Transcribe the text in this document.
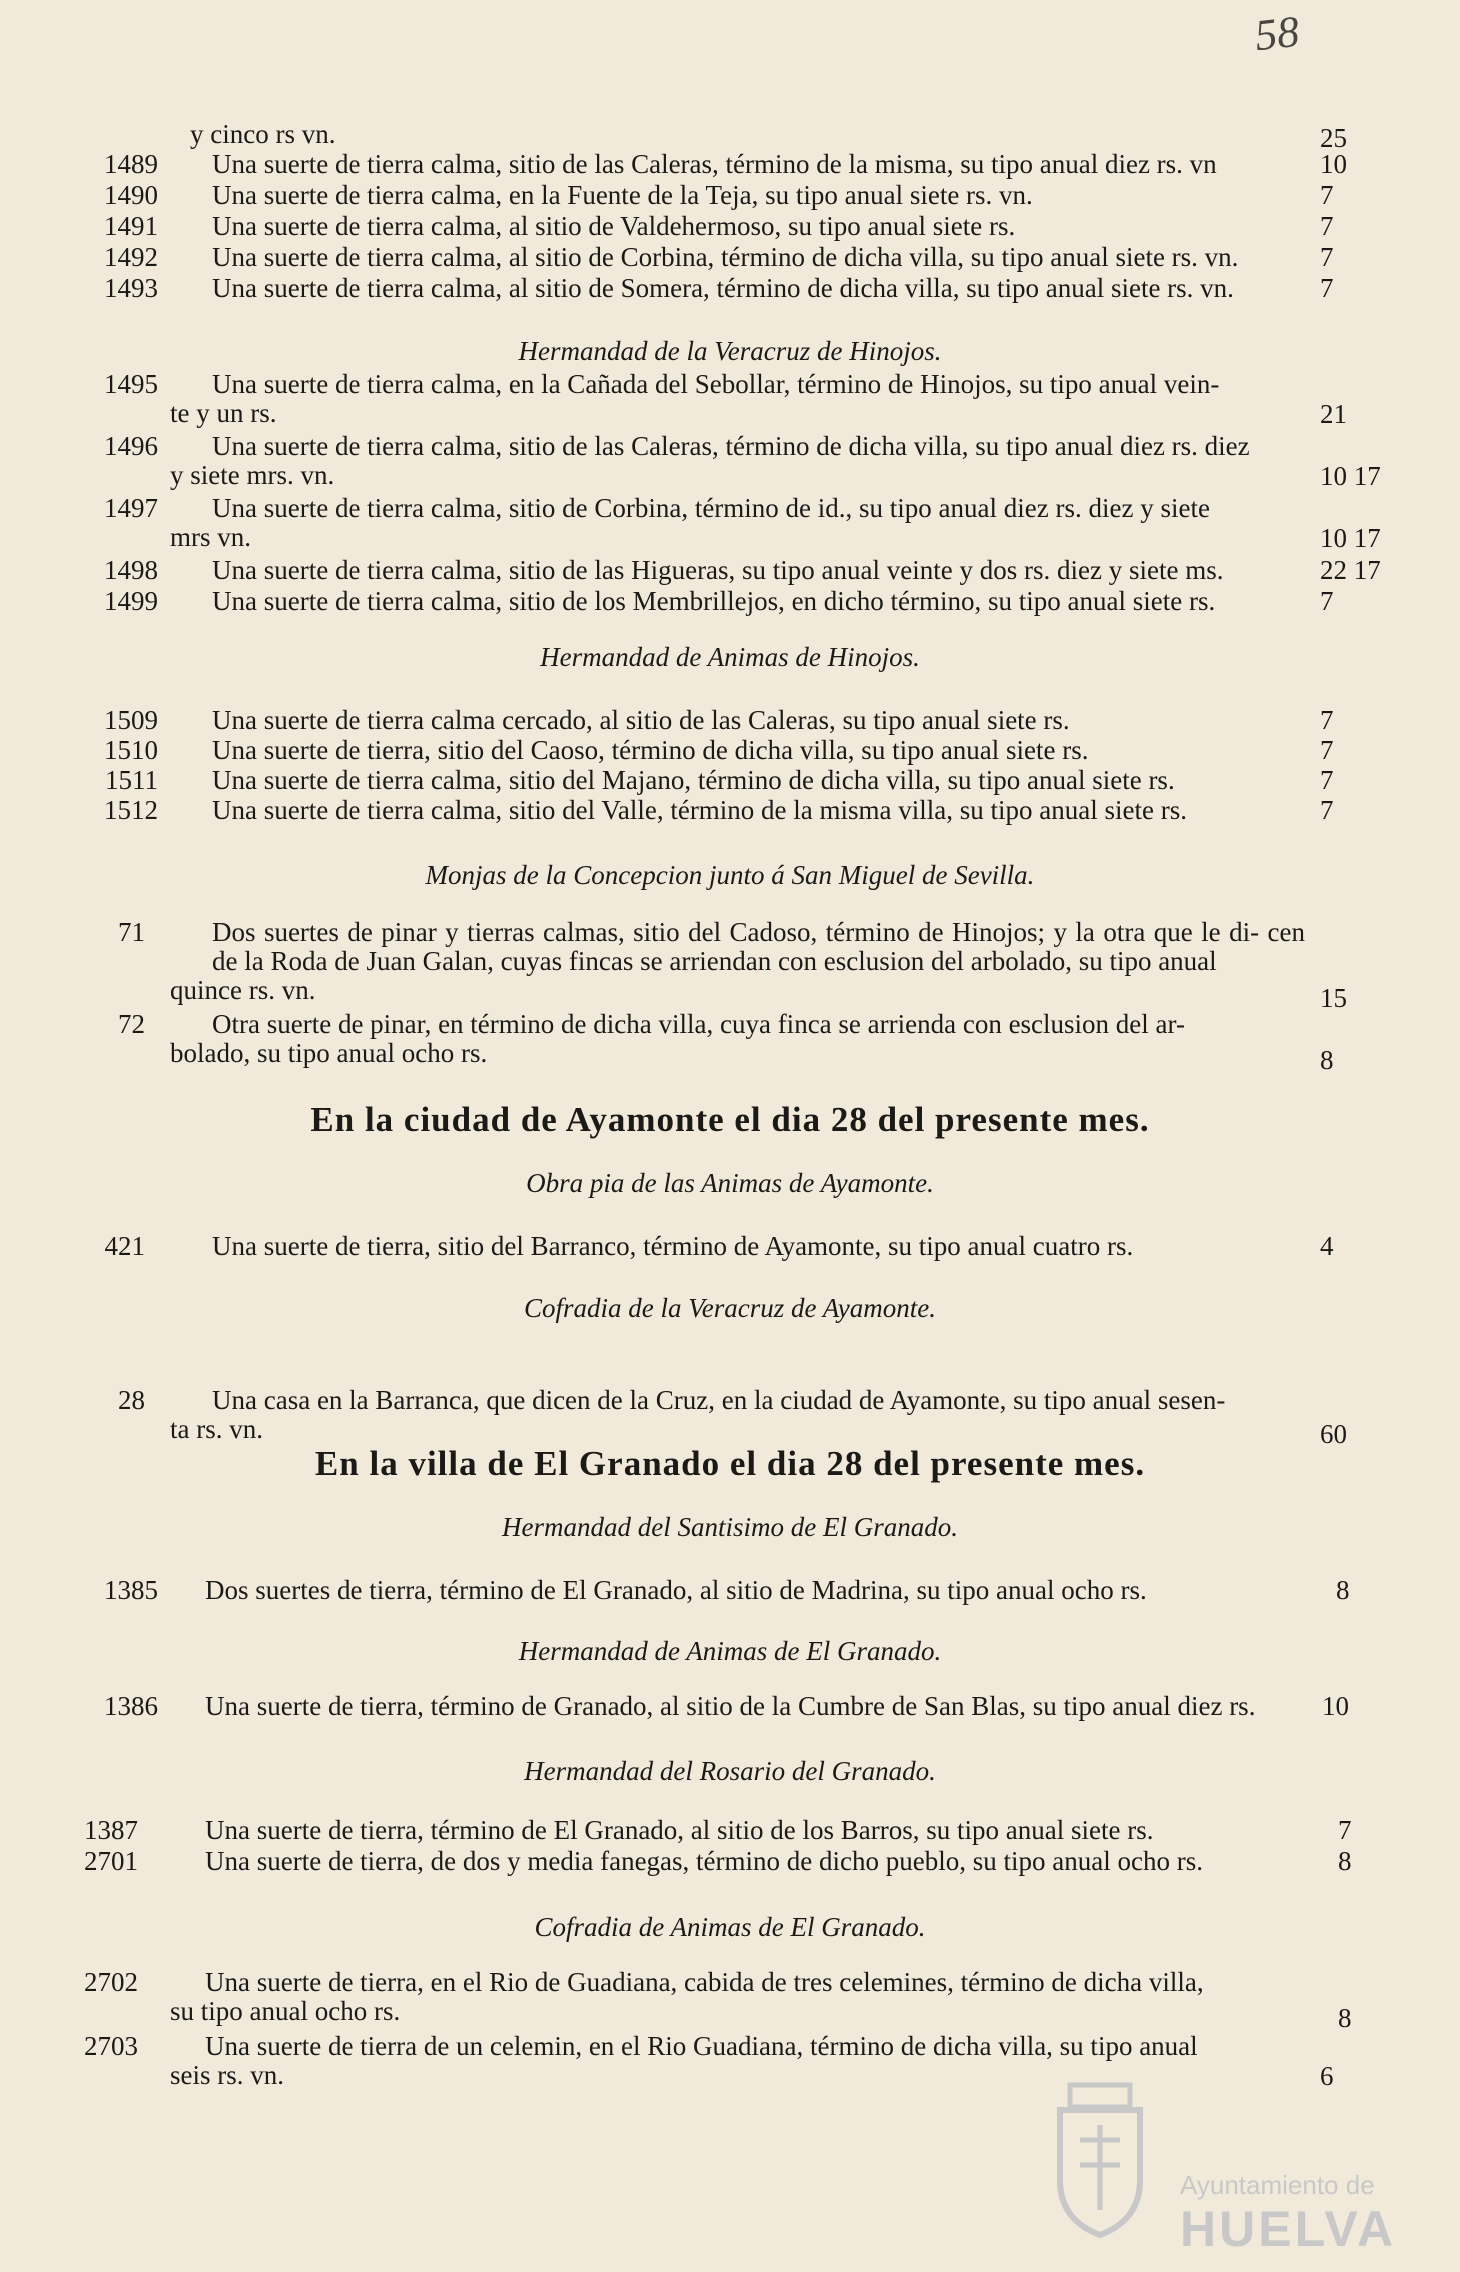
58
y cinco rs vn.	25
1489 Una suerte de tierra calma, sitio de las Caleras, término de la misma, su tipo anual diez rs. vn	10
1490 Una suerte de tierra calma, en la Fuente de la Teja, su tipo anual siete rs. vn.	7
1491 Una suerte de tierra calma, al sitio de Valdehermoso, su tipo anual siete rs.	7
1492 Una suerte de tierra calma, al sitio de Corbina, término de dicha villa, su tipo anual siete rs. vn.	7
1493 Una suerte de tierra calma, al sitio de Somera, término de dicha villa, su tipo anual siete rs. vn.	7
Hermandad de la Veracruz de Hinojos.
1495 Una suerte de tierra calma, en la Cañada del Sebollar, término de Hinojos, su tipo anual vein-
te y un rs.	21
1496 Una suerte de tierra calma, sitio de las Caleras, término de dicha villa, su tipo anual diez rs. diez
y siete mrs. vn.	10 17
1497 Una suerte de tierra calma, sitio de Corbina, término de id., su tipo anual diez rs. diez y siete
mrs vn.	10 17
1498 Una suerte de tierra calma, sitio de las Higueras, su tipo anual veinte y dos rs. diez y siete ms.	22 17
1499 Una suerte de tierra calma, sitio de los Membrillejos, en dicho término, su tipo anual siete rs.	7
Hermandad de Animas de Hinojos.
1509 Una suerte de tierra calma cercado, al sitio de las Caleras, su tipo anual siete rs.	7
1510 Una suerte de tierra, sitio del Caoso, término de dicha villa, su tipo anual siete rs.	7
1511 Una suerte de tierra calma, sitio del Majano, término de dicha villa, su tipo anual siete rs.	7
1512 Una suerte de tierra calma, sitio del Valle, término de la misma villa, su tipo anual siete rs.	7
Monjas de la Concepcion junto á San Miguel de Sevilla.
71 Dos suertes de pinar y tierras calmas, sitio del Cadoso, término de Hinojos; y la otra que le di- cen de la Roda de Juan Galan, cuyas fincas se arriendan con esclusion del arbolado, su tipo anual
quince rs. vn.	15
72 Otra suerte de pinar, en término de dicha villa, cuya finca se arrienda con esclusion del ar-
bolado, su tipo anual ocho rs.	8
En la ciudad de Ayamonte el dia 28 del presente mes.
Obra pia de las Animas de Ayamonte.
421 Una suerte de tierra, sitio del Barranco, término de Ayamonte, su tipo anual cuatro rs.	4
Cofradia de la Veracruz de Ayamonte.
28 Una casa en la Barranca, que dicen de la Cruz, en la ciudad de Ayamonte, su tipo anual sesen-
ta rs. vn.	60
En la villa de El Granado el dia 28 del presente mes.
Hermandad del Santisimo de El Granado.
1385 Dos suertes de tierra, término de El Granado, al sitio de Madrina, su tipo anual ocho rs.	8
Hermandad de Animas de El Granado.
1386 Una suerte de tierra, término de Granado, al sitio de la Cumbre de San Blas, su tipo anual diez rs.	10
Hermandad del Rosario del Granado.
1387 Una suerte de tierra, término de El Granado, al sitio de los Barros, su tipo anual siete rs.	7
2701 Una suerte de tierra, de dos y media fanegas, término de dicho pueblo, su tipo anual ocho rs.	8
Cofradia de Animas de El Granado.
2702 Una suerte de tierra, en el Rio de Guadiana, cabida de tres celemines, término de dicha villa,
su tipo anual ocho rs.	8
2703 Una suerte de tierra de un celemin, en el Rio Guadiana, término de dicha villa, su tipo anual
seis rs. vn.	6
Ayuntamiento de
HUELVA
